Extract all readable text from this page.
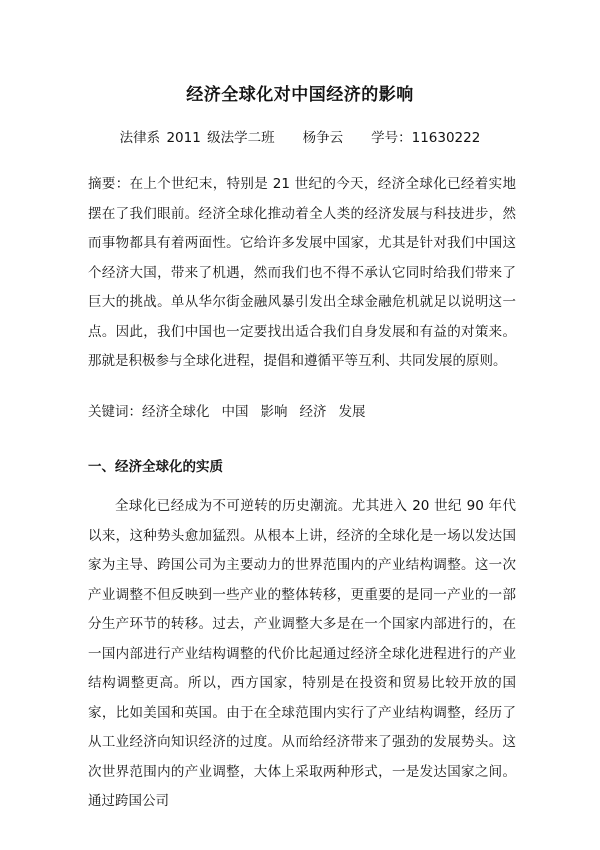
经济全球化对中国经济的影响
法律系 2011 级法学二班 杨争云 学号：11630222
摘要：在上个世纪末，特别是 21 世纪的今天，经济全球化已经着实地摆在了我们眼前。经济全球化推动着全人类的经济发展与科技进步，然而事物都具有着两面性。它给许多发展中国家，尤其是针对我们中国这个经济大国，带来了机遇，然而我们也不得不承认它同时给我们带来了巨大的挑战。单从华尔街金融风暴引发出全球金融危机就足以说明这一点。因此，我们中国也一定要找出适合我们自身发展和有益的对策来。那就是积极参与全球化进程，提倡和遵循平等互利、共同发展的原则。
关键词：经济全球化 中国 影响 经济 发展
一、经济全球化的实质
全球化已经成为不可逆转的历史潮流。尤其进入 20 世纪 90 年代以来，这种势头愈加猛烈。从根本上讲，经济的全球化是一场以发达国家为主导、跨国公司为主要动力的世界范围内的产业结构调整。这一次产业调整不但反映到一些产业的整体转移，更重要的是同一产业的一部分生产环节的转移。过去，产业调整大多是在一个国家内部进行的，在一国内部进行产业结构调整的代价比起通过经济全球化进程进行的产业结构调整更高。所以，西方国家，特别是在投资和贸易比较开放的国家，比如美国和英国。由于在全球范围内实行了产业结构调整，经历了从工业经济向知识经济的过度。从而给经济带来了强劲的发展势头。这次世界范围内的产业调整，大体上采取两种形式，一是发达国家之间。通过跨国公司
